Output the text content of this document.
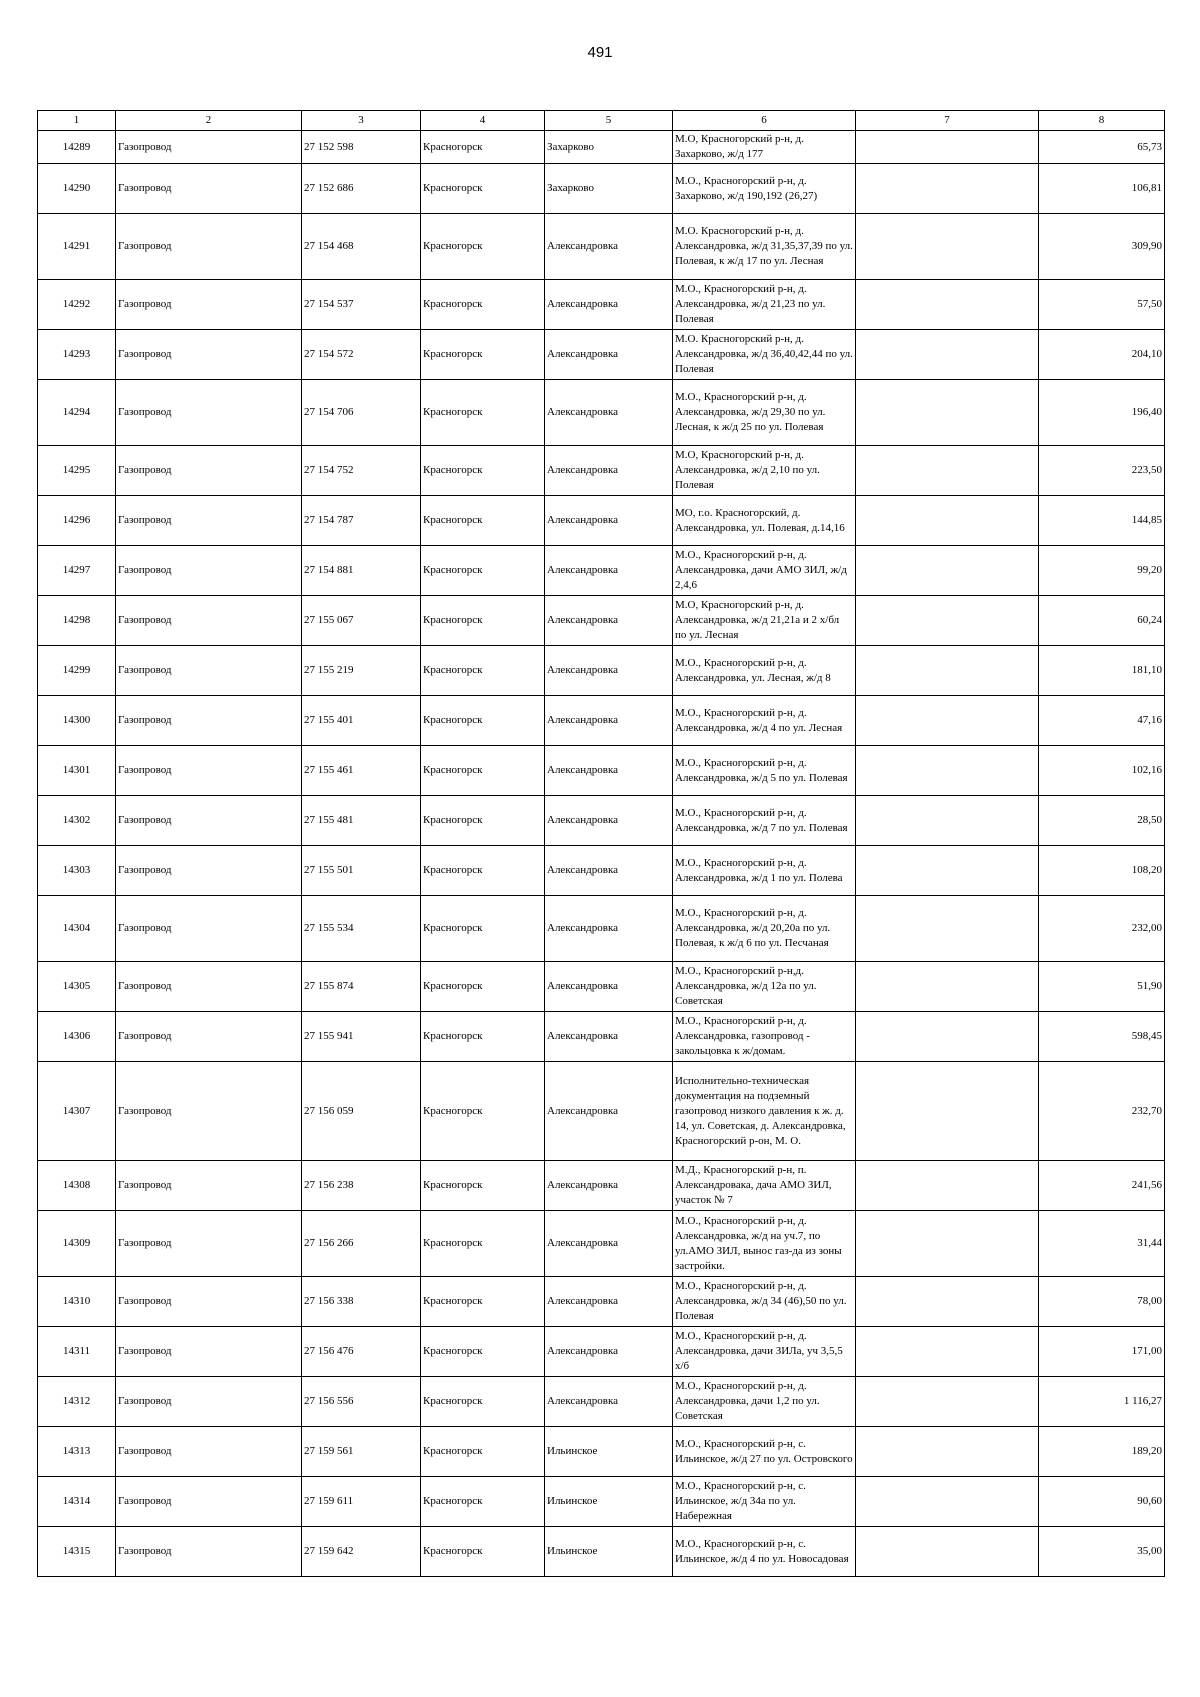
491
1	2	3	4	5	6	7	8
14289	Газопровод	27 152 598	Красногорск	Захарково	М.О, Красногорский р-н, д. Захарково, ж/д 177		65,73
14290	Газопровод	27 152 686	Красногорск	Захарково	М.О., Красногорский р-н, д. Захарково, ж/д 190,192 (26,27)		106,81
14291	Газопровод	27 154 468	Красногорск	Александровка	М.О. Красногорский р-н, д. Александровка, ж/д 31,35,37,39 по ул. Полевая, к ж/д 17 по ул. Лесная		309,90
14292	Газопровод	27 154 537	Красногорск	Александровка	М.О., Красногорский р-н, д. Александровка, ж/д 21,23 по ул. Полевая		57,50
14293	Газопровод	27 154 572	Красногорск	Александровка	М.О. Красногорский р-н, д. Александровка, ж/д 36,40,42,44 по ул. Полевая		204,10
14294	Газопровод	27 154 706	Красногорск	Александровка	М.О., Красногорский р-н, д. Александровка, ж/д 29,30 по ул. Лесная, к ж/д 25 по ул. Полевая		196,40
14295	Газопровод	27 154 752	Красногорск	Александровка	М.О, Красногорский р-н, д. Александровка, ж/д 2,10 по ул. Полевая		223,50
14296	Газопровод	27 154 787	Красногорск	Александровка	МО, г.о. Красногорский, д. Александровка, ул. Полевая, д.14,16		144,85
14297	Газопровод	27 154 881	Красногорск	Александровка	М.О., Красногорский р-н, д. Александровка, дачи АМО ЗИЛ, ж/д 2,4,6		99,20
14298	Газопровод	27 155 067	Красногорск	Александровка	М.О, Красногорский р-н, д. Александровка, ж/д 21,21а и 2 х/бл по ул. Лесная		60,24
14299	Газопровод	27 155 219	Красногорск	Александровка	М.О., Красногорский р-н, д. Александровка, ул. Лесная, ж/д 8		181,10
14300	Газопровод	27 155 401	Красногорск	Александровка	М.О., Красногорский р-н, д. Александровка, ж/д 4 по ул. Лесная		47,16
14301	Газопровод	27 155 461	Красногорск	Александровка	М.О., Красногорский р-н, д. Александровка, ж/д 5 по ул. Полевая		102,16
14302	Газопровод	27 155 481	Красногорск	Александровка	М.О., Красногорский р-н, д. Александровка, ж/д 7 по ул. Полевая		28,50
14303	Газопровод	27 155 501	Красногорск	Александровка	М.О., Красногорский р-н, д. Александровка, ж/д 1 по ул. Полева		108,20
14304	Газопровод	27 155 534	Красногорск	Александровка	М.О., Красногорский р-н, д. Александровка, ж/д 20,20а по ул. Полевая, к ж/д 6 по ул. Песчаная		232,00
14305	Газопровод	27 155 874	Красногорск	Александровка	М.О., Красногорский р-н,д. Александровка, ж/д 12а по ул. Советская		51,90
14306	Газопровод	27 155 941	Красногорск	Александровка	М.О., Красногорский р-н, д. Александровка, газопровод - закольцовка к ж/домам.		598,45
14307	Газопровод	27 156 059	Красногорск	Александровка	Исполнительно-техническая документация на подземный газопровод низкого давления к ж. д. 14, ул. Советская, д. Александровка, Красногорский р-он, М. О.		232,70
14308	Газопровод	27 156 238	Красногорск	Александровка	М.Д., Красногорский р-н, п. Александровака, дача АМО ЗИЛ, участок № 7		241,56
14309	Газопровод	27 156 266	Красногорск	Александровка	М.О., Красногорский р-н, д. Александровка, ж/д на уч.7, по ул.АМО ЗИЛ, вынос газ-да из зоны застройки.		31,44
14310	Газопровод	27 156 338	Красногорск	Александровка	М.О., Красногорский р-н, д. Александровка, ж/д 34 (46),50 по ул. Полевая		78,00
14311	Газопровод	27 156 476	Красногорск	Александровка	М.О., Красногорский р-н, д. Александровка, дачи ЗИЛа, уч 3,5,5 х/б		171,00
14312	Газопровод	27 156 556	Красногорск	Александровка	М.О., Красногорский р-н, д. Александровка, дачи 1,2 по ул. Советская		1 116,27
14313	Газопровод	27 159 561	Красногорск	Ильинское	М.О., Красногорский р-н, с. Ильинское, ж/д 27 по ул. Островского		189,20
14314	Газопровод	27 159 611	Красногорск	Ильинское	М.О., Красногорский р-н, с. Ильинское, ж/д 34а по ул. Набережная		90,60
14315	Газопровод	27 159 642	Красногорск	Ильинское	М.О., Красногорский р-н, с. Ильинское, ж/д 4 по ул. Новосадовая		35,00
